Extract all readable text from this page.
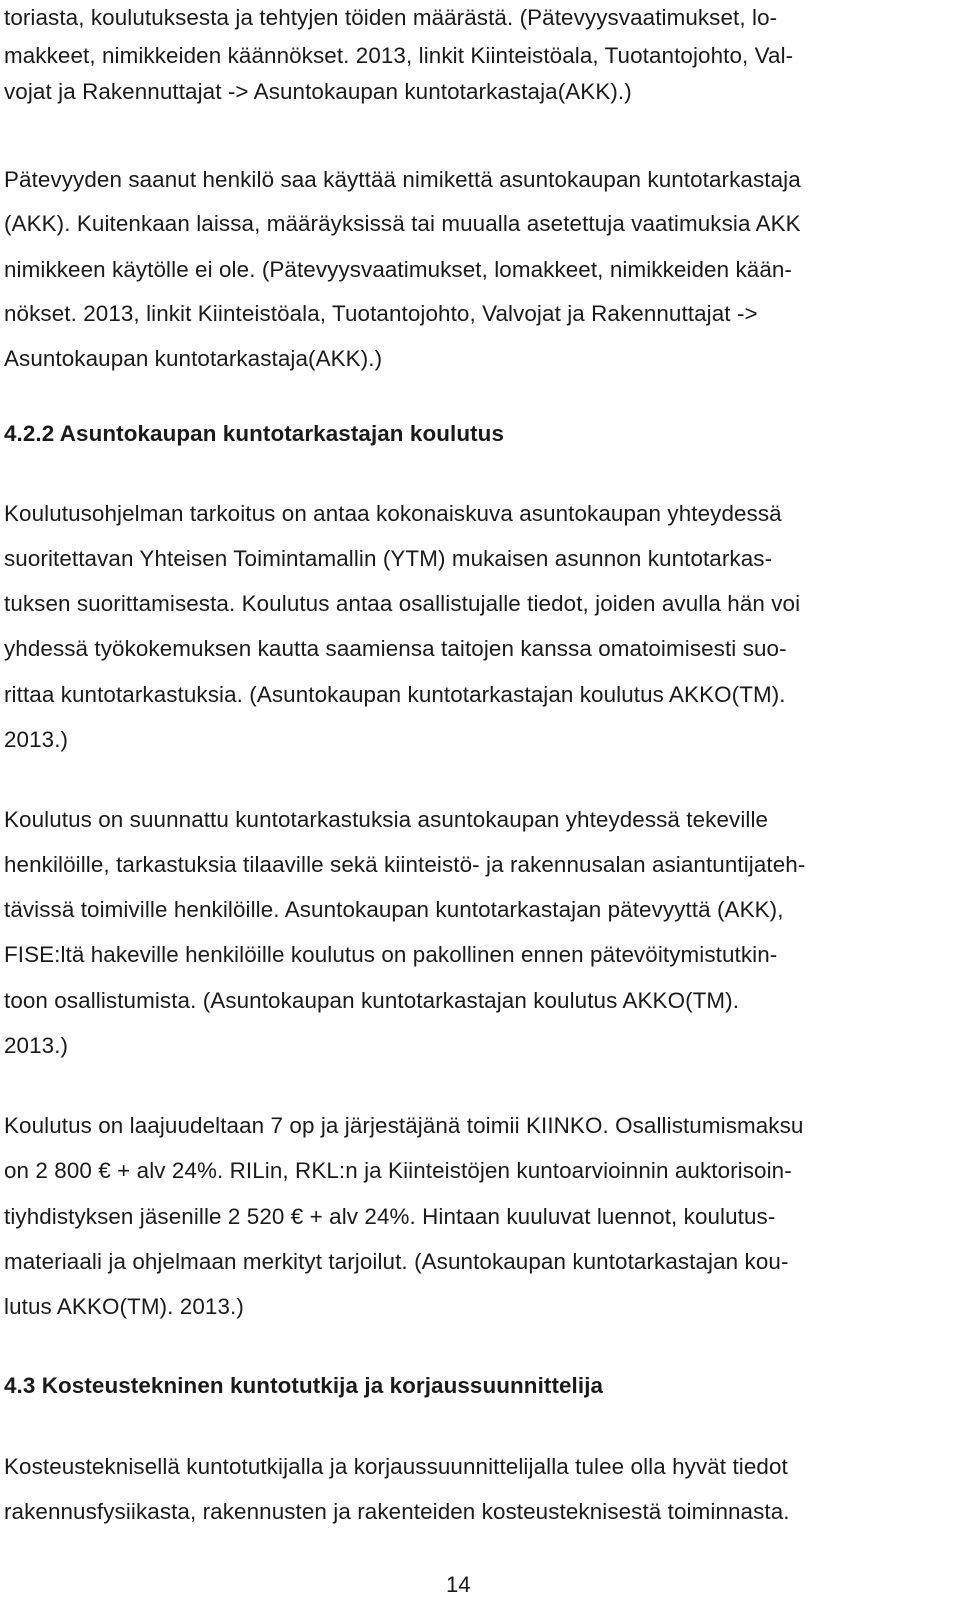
toriasta, koulutuksesta ja tehtyjen töiden määrästä. (Pätevyysvaatimukset, lo-
makkeet, nimikkeiden käännökset. 2013, linkit Kiinteistöala, Tuotantojohto, Val-
vojat ja Rakennuttajat -> Asuntokaupan kuntotarkastaja(AKK).)
Pätevyyden saanut henkilö saa käyttää nimikettä asuntokaupan kuntotarkastaja
(AKK). Kuitenkaan laissa, määräyksissä tai muualla asetettuja vaatimuksia AKK
nimikkeen käytölle ei ole. (Pätevyysvaatimukset, lomakkeet, nimikkeiden kään-
nökset. 2013, linkit Kiinteistöala, Tuotantojohto, Valvojat ja Rakennuttajat ->
Asuntokaupan kuntotarkastaja(AKK).)
4.2.2 Asuntokaupan kuntotarkastajan koulutus
Koulutusohjelman tarkoitus on antaa kokonaiskuva asuntokaupan yhteydessä
suoritettavan Yhteisen Toimintamallin (YTM) mukaisen asunnon kuntotarkas-
tuksen suorittamisesta. Koulutus antaa osallistujalle tiedot, joiden avulla hän voi
yhdessä työkokemuksen kautta saamiensa taitojen kanssa omatoimisesti suo-
rittaa kuntotarkastuksia. (Asuntokaupan kuntotarkastajan koulutus AKKO(TM).
2013.)
Koulutus on suunnattu kuntotarkastuksia asuntokaupan yhteydessä tekeville
henkilöille, tarkastuksia tilaaville sekä kiinteistö- ja rakennusalan asiantuntijateh-
tävissä toimiville henkilöille. Asuntokaupan kuntotarkastajan pätevyyttä (AKK),
FISE:ltä hakeville henkilöille koulutus on pakollinen ennen pätevöitymistutkin-
toon osallistumista. (Asuntokaupan kuntotarkastajan koulutus AKKO(TM).
2013.)
Koulutus on laajuudeltaan 7 op ja järjestäjänä toimii KIINKO. Osallistumismaksu
on 2 800 € + alv 24%. RILin, RKL:n ja Kiinteistöjen kuntoarvioinnin auktorisoin-
tiyhdistyksen jäsenille 2 520 € + alv 24%. Hintaan kuuluvat luennot, koulutus-
materiaali ja ohjelmaan merkityt tarjoilut. (Asuntokaupan kuntotarkastajan kou-
lutus AKKO(TM). 2013.)
4.3 Kosteustekninen kuntotutkija ja korjaussuunnittelija
Kosteusteknisellä kuntotutkijalla ja korjaussuunnittelijalla tulee olla hyvät tiedot
rakennusfysiikasta, rakennusten ja rakenteiden kosteusteknisestä toiminnasta.
14
